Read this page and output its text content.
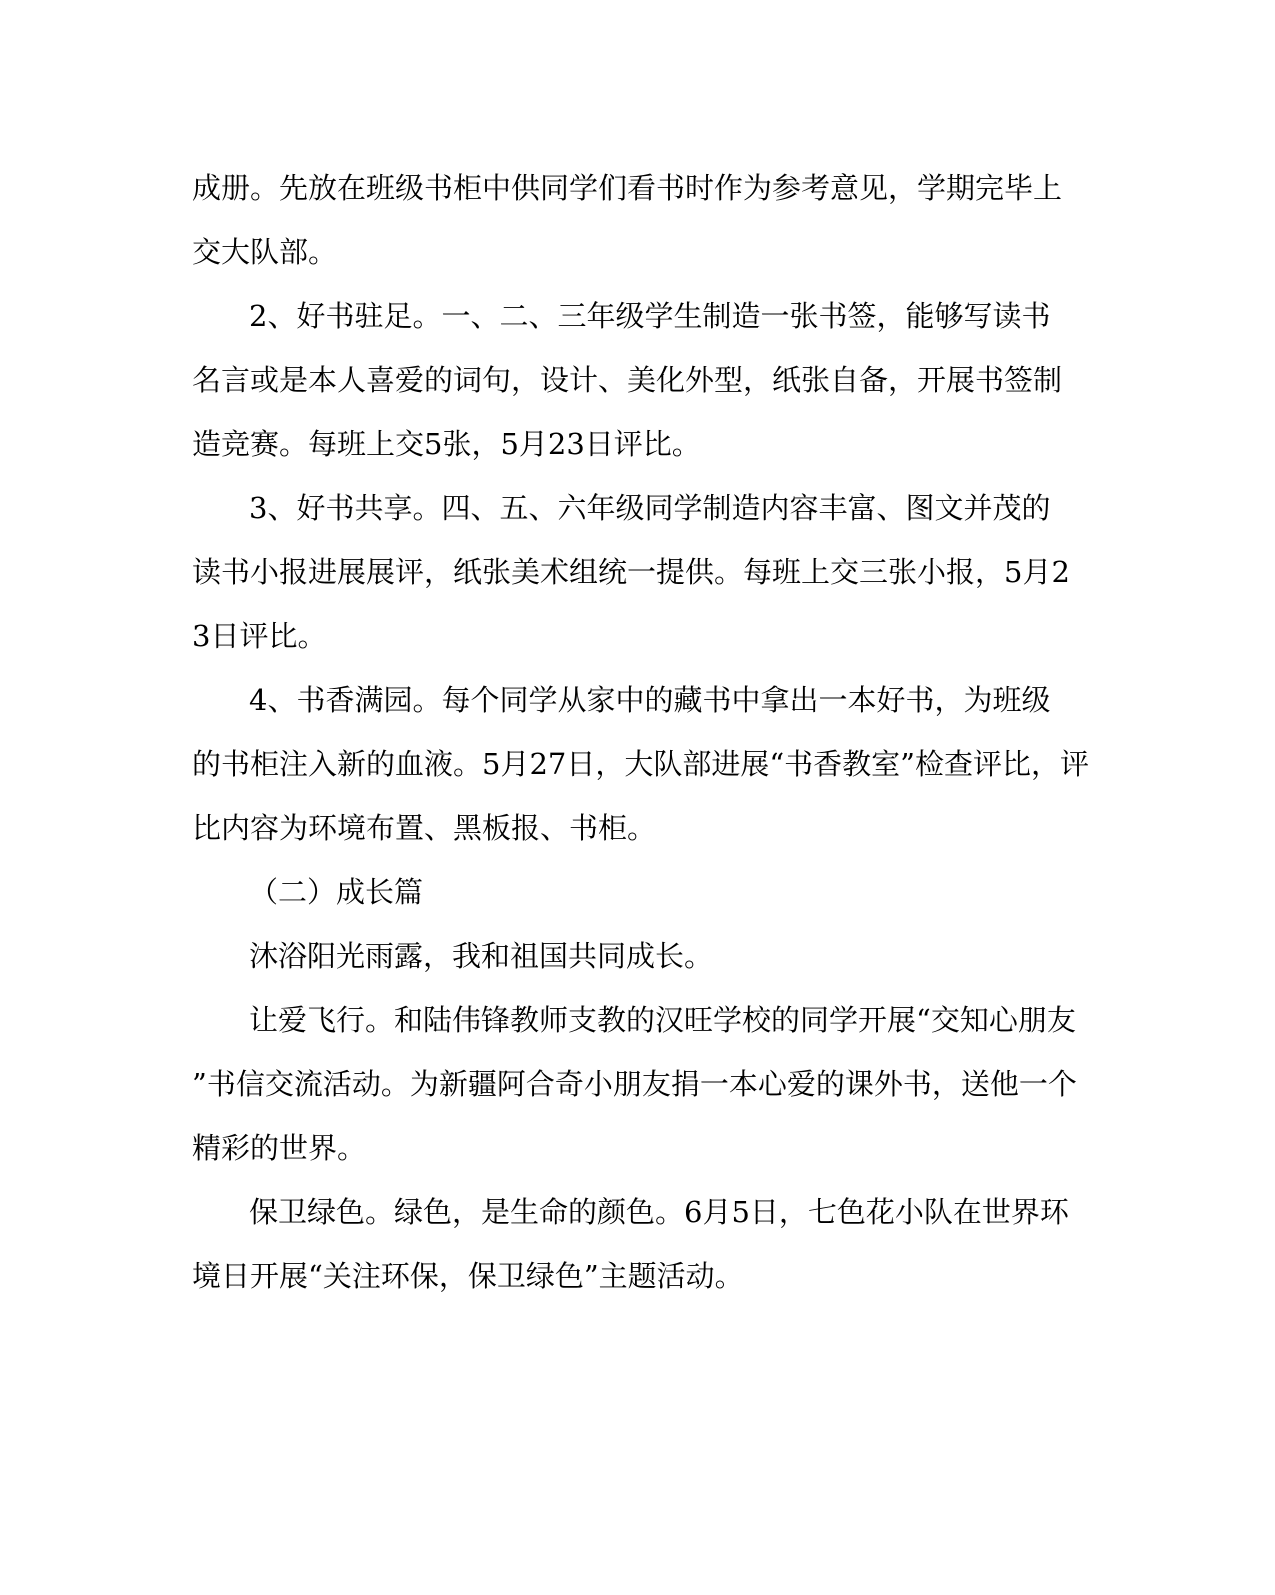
成册。先放在班级书柜中供同学们看书时作为参考意见，学期完毕上
交大队部。
2、好书驻足。一、二、三年级学生制造一张书签，能够写读书
名言或是本人喜爱的词句，设计、美化外型，纸张自备，开展书签制
造竞赛。每班上交5张，5月23日评比。
3、好书共享。四、五、六年级同学制造内容丰富、图文并茂的
读书小报进展展评，纸张美术组统一提供。每班上交三张小报，5月2
3日评比。
4、书香满园。每个同学从家中的藏书中拿出一本好书，为班级
的书柜注入新的血液。5月27日，大队部进展“书香教室”检查评比，评
比内容为环境布置、黑板报、书柜。
（二）成长篇
沐浴阳光雨露，我和祖国共同成长。
让爱飞行。和陆伟锋教师支教的汉旺学校的同学开展“交知心朋友
”书信交流活动。为新疆阿合奇小朋友捐一本心爱的课外书，送他一个
精彩的世界。
保卫绿色。绿色，是生命的颜色。6月5日，七色花小队在世界环
境日开展“关注环保，保卫绿色”主题活动。
